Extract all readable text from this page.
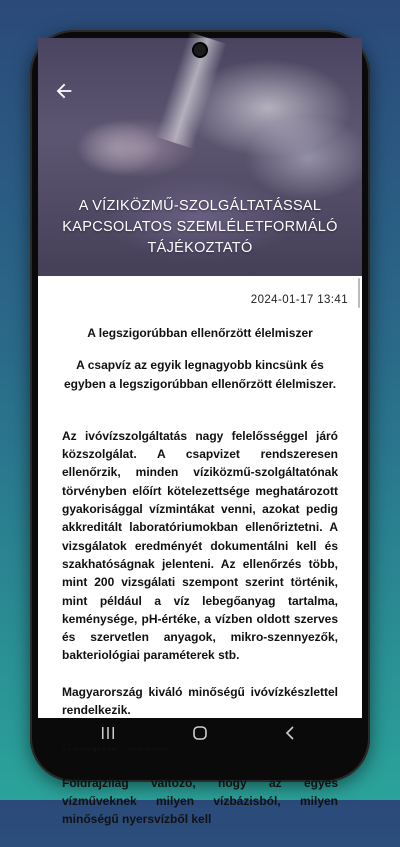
A VÍZIKÖZMŰ-SZOLGÁLTATÁSSAL
KAPCSOLATOS SZEMLÉLETFORMÁLÓ
TÁJÉKOZTATÓ
2024-01-17 13:41
A legszigorúbban ellenőrzött élelmiszer
A csapvíz az egyik legnagyobb kincsünk és egyben a legszigorúbban ellenőrzött élelmiszer.

Az ivóvízszolgáltatás nagy felelősséggel járó közszolgálat. A csapvizet rendszeresen ellenőrzik, minden víziközmű-szolgáltatónak törvényben előírt kötelezettsége meghatározott gyakorisággal vízmintákat venni, azokat pedig akkreditált laboratóriumokban ellenőriztetni. A vizsgálatok eredményét dokumentálni kell és szakhatóságnak jelenteni. Az ellenőrzés több, mint 200 vizsgálati szempont szerint történik, mint például a víz lebegőanyag tartalma, keménysége, pH-értéke, a vízben oldott szerves és szervetlen anyagok, mikro-szennyezők, bakteriológiai paraméterek stb.

Magyarország kiváló minőségű ivóvízkészlettel rendelkezik.

Földrajzilag változó, hogy az egyes vízműveknek milyen vízbázisból, milyen minőségű nyersvízből kell
